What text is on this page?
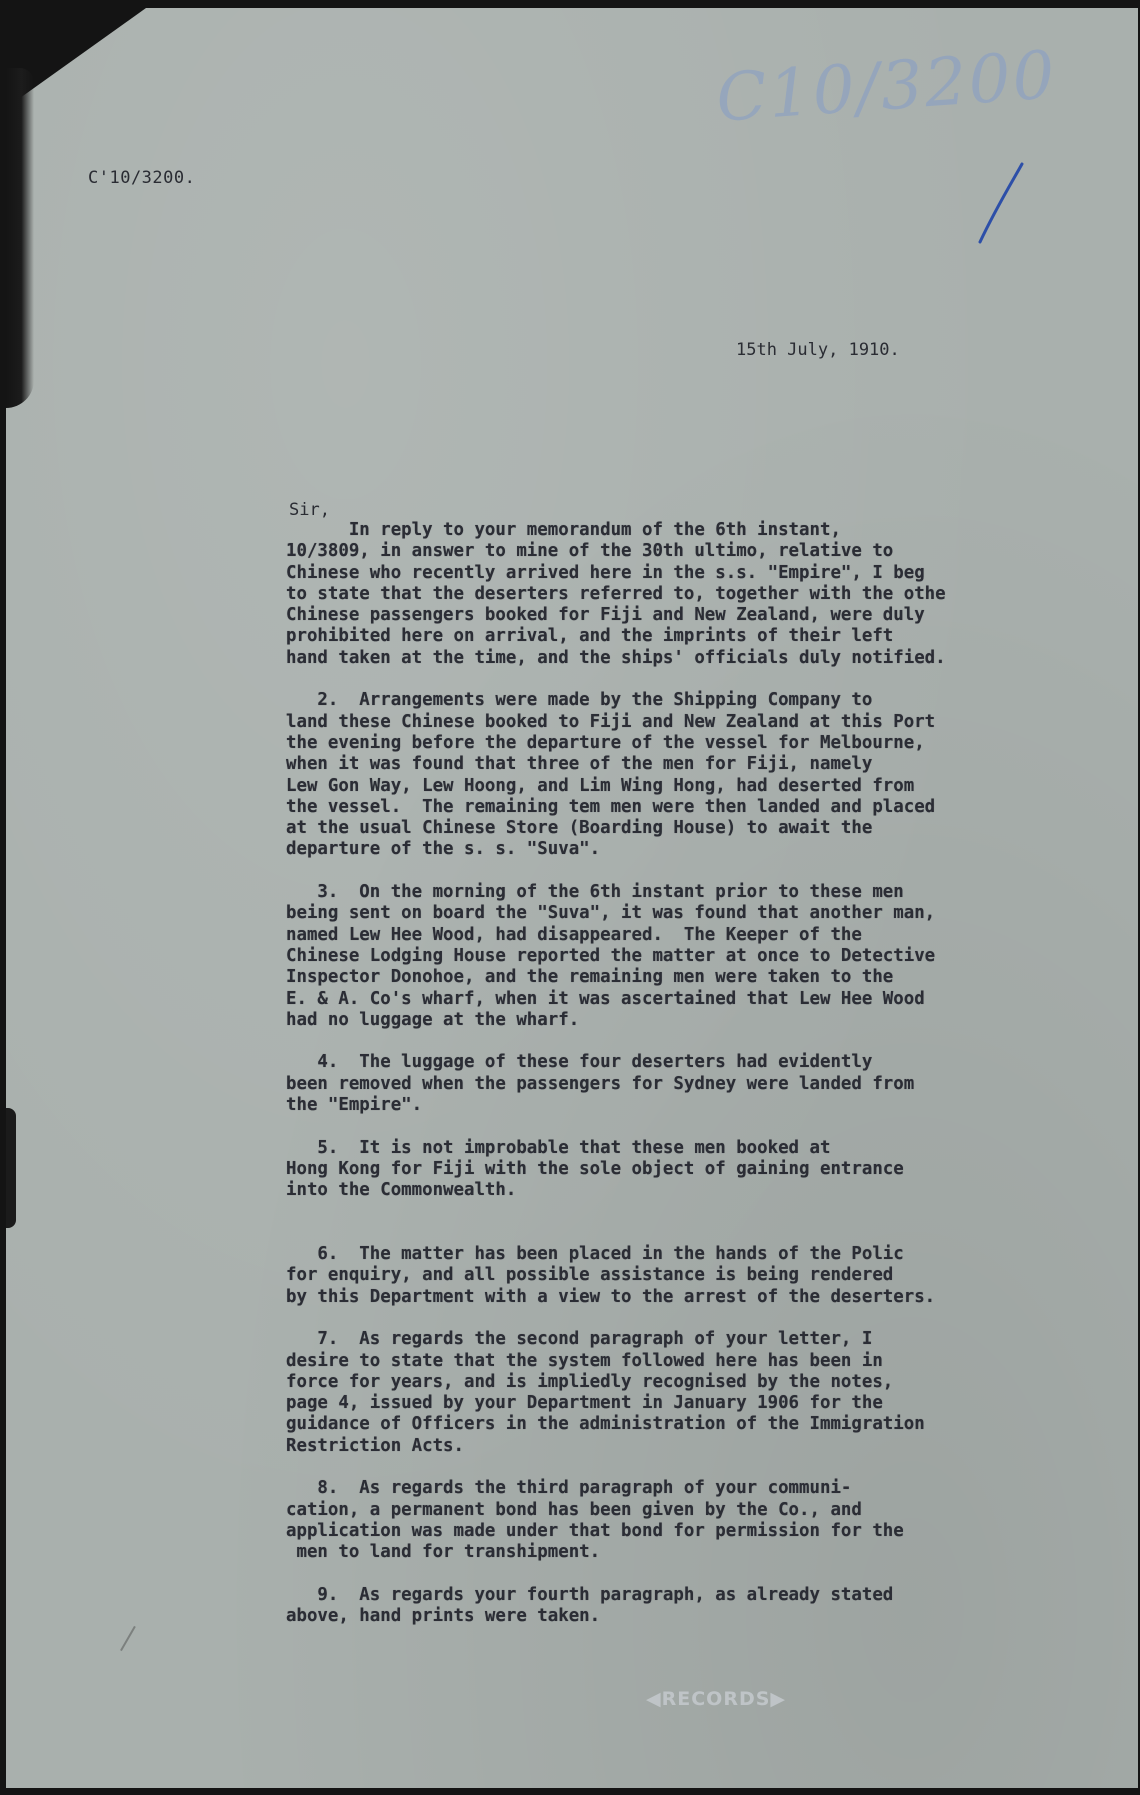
C10/3200
C'10/3200.
15th July, 1910.
Sir,
In reply to your memorandum of the 6th instant,
10/3809, in answer to mine of the 30th ultimo, relative to
Chinese who recently arrived here in the s.s. "Empire", I beg
to state that the deserters referred to, together with the othe
Chinese passengers booked for Fiji and New Zealand, were duly
prohibited here on arrival, and the imprints of their left
hand taken at the time, and the ships' officials duly notified.
2.  Arrangements were made by the Shipping Company to
land these Chinese booked to Fiji and New Zealand at this Port
the evening before the departure of the vessel for Melbourne,
when it was found that three of the men for Fiji, namely
Lew Gon Way, Lew Hoong, and Lim Wing Hong, had deserted from
the vessel.  The remaining tem men were then landed and placed
at the usual Chinese Store (Boarding House) to await the
departure of the s. s. "Suva".
3.  On the morning of the 6th instant prior to these men
being sent on board the "Suva", it was found that another man,
named Lew Hee Wood, had disappeared.  The Keeper of the
Chinese Lodging House reported the matter at once to Detective
Inspector Donohoe, and the remaining men were taken to the
E. & A. Co's wharf, when it was ascertained that Lew Hee Wood
had no luggage at the wharf.
4.  The luggage of these four deserters had evidently
been removed when the passengers for Sydney were landed from
the "Empire".
5.  It is not improbable that these men booked at
Hong Kong for Fiji with the sole object of gaining entrance
into the Commonwealth.
6.  The matter has been placed in the hands of the Polic
for enquiry, and all possible assistance is being rendered
by this Department with a view to the arrest of the deserters.
7.  As regards the second paragraph of your letter, I
desire to state that the system followed here has been in
force for years, and is impliedly recognised by the notes,
page 4, issued by your Department in January 1906 for the
guidance of Officers in the administration of the Immigration
Restriction Acts.
8.  As regards the third paragraph of your communi-
cation, a permanent bond has been given by the Co., and
application was made under that bond for permission for the
men to land for transhipment.
9.  As regards your fourth paragraph, as already stated
above, hand prints were taken.
◀RECORDS▶
